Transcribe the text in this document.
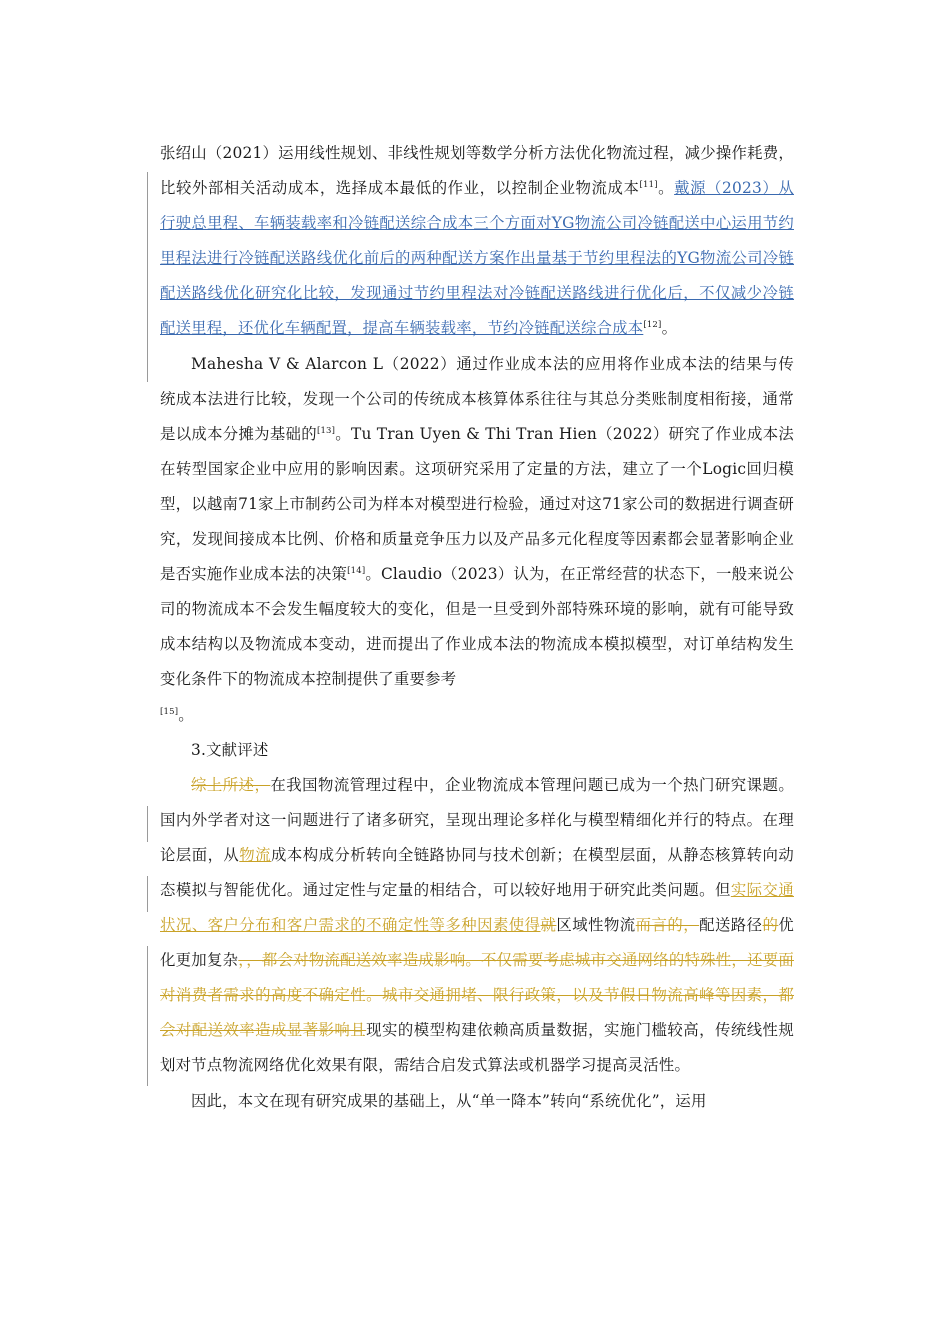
张绍山（2021）运用线性规划、非线性规划等数学分析方法优化物流过程，减少操作耗费，比较外部相关活动成本，选择成本最低的作业，以控制企业物流成本[11]。戴源（2023）从行驶总里程、车辆装载率和冷链配送综合成本三个方面对YG物流公司冷链配送中心运用节约里程法进行冷链配送路线优化前后的两种配送方案作出量基于节约里程法的YG物流公司冷链配送路线优化研究化比较，发现通过节约里程法对冷链配送路线进行优化后，不仅减少冷链配送里程，还优化车辆配置，提高车辆装载率，节约冷链配送综合成本[12]。

Mahesha V & Alarcon L（2022）通过作业成本法的应用将作业成本法的结果与传统成本法进行比较，发现一个公司的传统成本核算体系往往与其总分类账制度相衔接，通常是以成本分摊为基础的[13]。Tu Tran Uyen & Thi Tran Hien（2022）研究了作业成本法在转型国家企业中应用的影响因素。这项研究采用了定量的方法，建立了一个Logic回归模型，以越南71家上市制药公司为样本对模型进行检验，通过对这71家公司的数据进行调查研究，发现间接成本比例、价格和质量竞争压力以及产品多元化程度等因素都会显著影响企业是否实施作业成本法的决策[14]。Claudio（2023）认为，在正常经营的状态下，一般来说公司的物流成本不会发生幅度较大的变化，但是一旦受到外部特殊环境的影响，就有可能导致成本结构以及物流成本变动，进而提出了作业成本法的物流成本模拟模型，对订单结构发生变化条件下的物流成本控制提供了重要参考
[15]。

3.文献评述

综上所述，在我国物流管理过程中，企业物流成本管理问题已成为一个热门研究课题。国内外学者对这一问题进行了诸多研究，呈现出理论多样化与模型精细化并行的特点。在理论层面，从物流成本构成分析转向全链路协同与技术创新；在模型层面，从静态核算转向动态模拟与智能优化。通过定性与定量的相结合，可以较好地用于研究此类问题。但实际交通状况、客户分布和客户需求的不确定性等多种因素使得就区域性物流而言的，配送路径的优化更加复杂，，都会对物流配送效率造成影响。不仅需要考虑城市交通网络的特殊性，还要面对消费者需求的高度不确定性。城市交通拥堵、限行政策，以及节假日物流高峰等因素，都会对配送效率造成显著影响且现实的模型构建依赖高质量数据，实施门槛较高，传统线性规划对节点物流网络优化效果有限，需结合启发式算法或机器学习提高灵活性。

因此，本文在现有研究成果的基础上，从“单一降本”转向“系统优化”，运用
